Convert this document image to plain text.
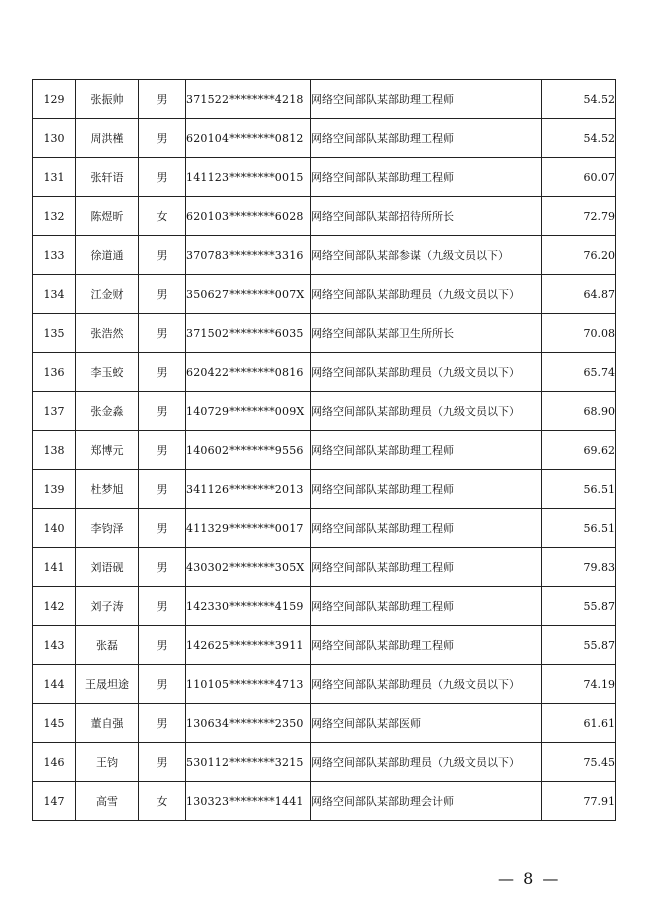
129	张振帅	男	371522********4218	网络空间部队某部助理工程师	54.52
130	周洪槿	男	620104********0812	网络空间部队某部助理工程师	54.52
131	张轩语	男	141123********0015	网络空间部队某部助理工程师	60.07
132	陈煜昕	女	620103********6028	网络空间部队某部招待所所长	72.79
133	徐道通	男	370783********3316	网络空间部队某部参谋（九级文员以下）	76.20
134	江金财	男	350627********007X	网络空间部队某部助理员（九级文员以下）	64.87
135	张浩然	男	371502********6035	网络空间部队某部卫生所所长	70.08
136	李玉蛟	男	620422********0816	网络空间部队某部助理员（九级文员以下）	65.74
137	张金淼	男	140729********009X	网络空间部队某部助理员（九级文员以下）	68.90
138	郑博元	男	140602********9556	网络空间部队某部助理工程师	69.62
139	杜梦旭	男	341126********2013	网络空间部队某部助理工程师	56.51
140	李钧泽	男	411329********0017	网络空间部队某部助理工程师	56.51
141	刘语砚	男	430302********305X	网络空间部队某部助理工程师	79.83
142	刘子涛	男	142330********4159	网络空间部队某部助理工程师	55.87
143	张磊	男	142625********3911	网络空间部队某部助理工程师	55.87
144	王晟坦途	男	110105********4713	网络空间部队某部助理员（九级文员以下）	74.19
145	董自强	男	130634********2350	网络空间部队某部医师	61.61
146	王钧	男	530112********3215	网络空间部队某部助理员（九级文员以下）	75.45
147	高雪	女	130323********1441	网络空间部队某部助理会计师	77.91
— 8 —
